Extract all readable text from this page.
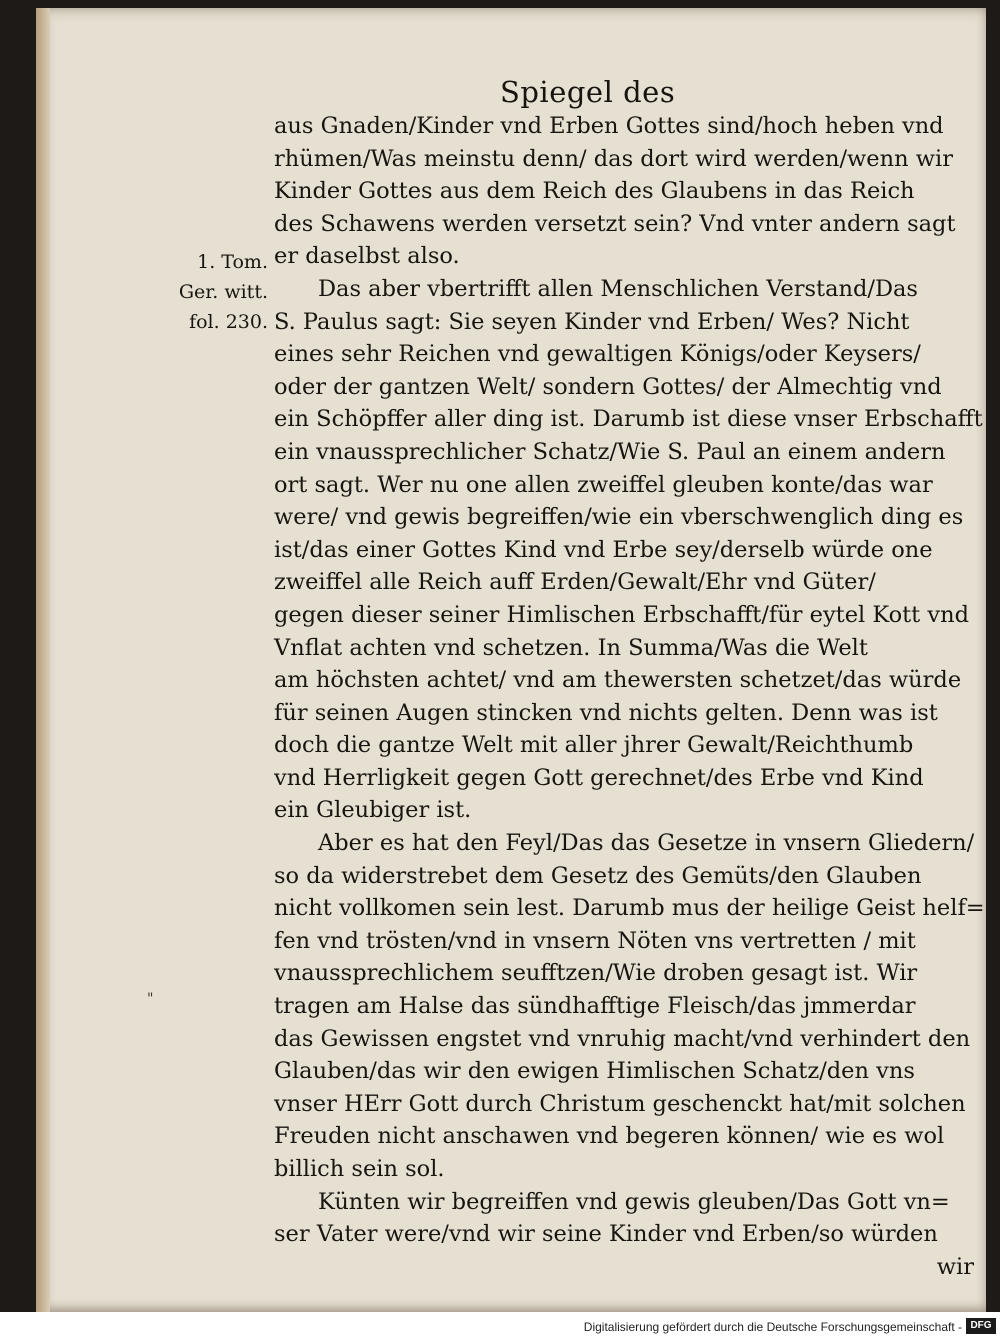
Spiegel des
1. Tom.
Ger. witt.
fol. 230.
"
aus Gnaden/Kinder vnd Erben Gottes sind/hoch heben vnd
rhümen/Was meinstu denn/ das dort wird werden/wenn wir
Kinder Gottes aus dem Reich des Glaubens in das Reich
des Schawens werden versetzt sein? Vnd vnter andern sagt
er daselbst also.
Das aber vbertrifft allen Menschlichen Verstand/Das
S. Paulus sagt: Sie seyen Kinder vnd Erben/ Wes? Nicht
eines sehr Reichen vnd gewaltigen Königs/oder Keysers/
oder der gantzen Welt/ sondern Gottes/ der Almechtig vnd
ein Schöpffer aller ding ist. Darumb ist diese vnser Erbschafft
ein vnaussprechlicher Schatz/Wie S. Paul an einem andern
ort sagt. Wer nu one allen zweiffel gleuben konte/das war
were/ vnd gewis begreiffen/wie ein vberschwenglich ding es
ist/das einer Gottes Kind vnd Erbe sey/derselb würde one
zweiffel alle Reich auff Erden/Gewalt/Ehr vnd Güter/
gegen dieser seiner Himlischen Erbschafft/für eytel Kott vnd
Vnflat achten vnd schetzen. In Summa/Was die Welt
am höchsten achtet/ vnd am thewersten schetzet/das würde
für seinen Augen stincken vnd nichts gelten. Denn was ist
doch die gantze Welt mit aller jhrer Gewalt/Reichthumb
vnd Herrligkeit gegen Gott gerechnet/des Erbe vnd Kind
ein Gleubiger ist.
Aber es hat den Feyl/Das das Gesetze in vnsern Gliedern/
so da widerstrebet dem Gesetz des Gemüts/den Glauben
nicht vollkomen sein lest. Darumb mus der heilige Geist helf=
fen vnd trösten/vnd in vnsern Nöten vns vertretten / mit
vnaussprechlichem seufftzen/Wie droben gesagt ist. Wir
tragen am Halse das sündhafftige Fleisch/das jmmerdar
das Gewissen engstet vnd vnruhig macht/vnd verhindert den
Glauben/das wir den ewigen Himlischen Schatz/den vns
vnser HErr Gott durch Christum geschenckt hat/mit solchen
Freuden nicht anschawen vnd begeren können/ wie es wol
billich sein sol.
Künten wir begreiffen vnd gewis gleuben/Das Gott vn=
ser Vater were/vnd wir seine Kinder vnd Erben/so würden
wir
Digitalisierung gefördert durch die Deutsche Forschungsgemeinschaft - DFG
